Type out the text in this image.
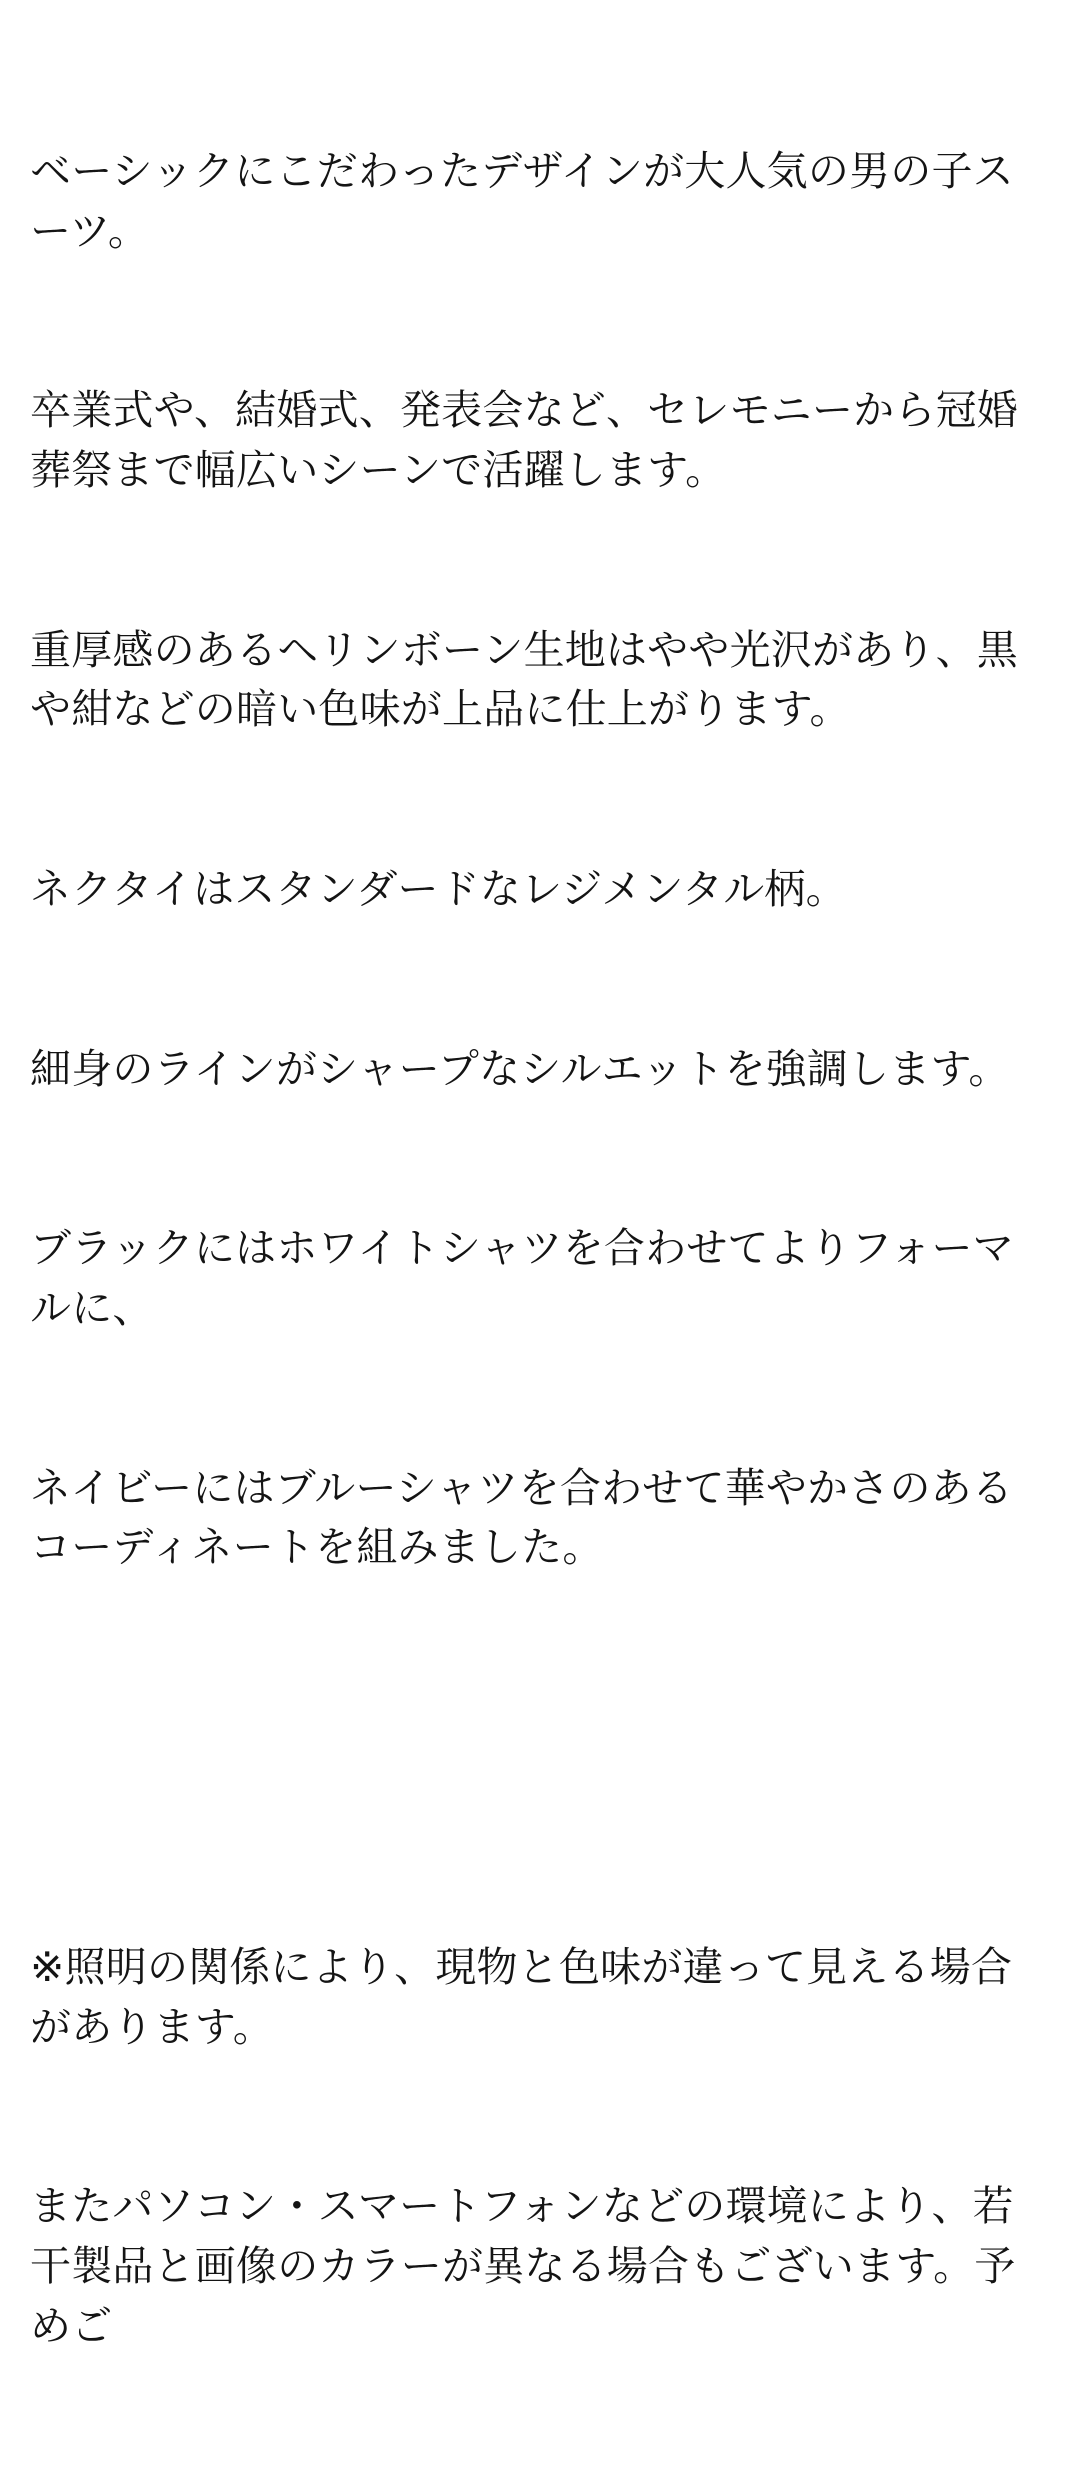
ベーシックにこだわったデザインが大人気の男の子スーツ。

卒業式や、結婚式、発表会など、セレモニーから冠婚葬祭まで幅広いシーンで活躍します。

重厚感のあるヘリンボーン生地はやや光沢があり、黒や紺などの暗い色味が上品に仕上がります。

ネクタイはスタンダードなレジメンタル柄。

細身のラインがシャープなシルエットを強調します。

ブラックにはホワイトシャツを合わせてよりフォーマルに、

ネイビーにはブルーシャツを合わせて華やかさのあるコーディネートを組みました。

※照明の関係により、現物と色味が違って見える場合があります。

またパソコン・スマートフォンなどの環境により、若干製品と画像のカラーが異なる場合もございます。予めご
